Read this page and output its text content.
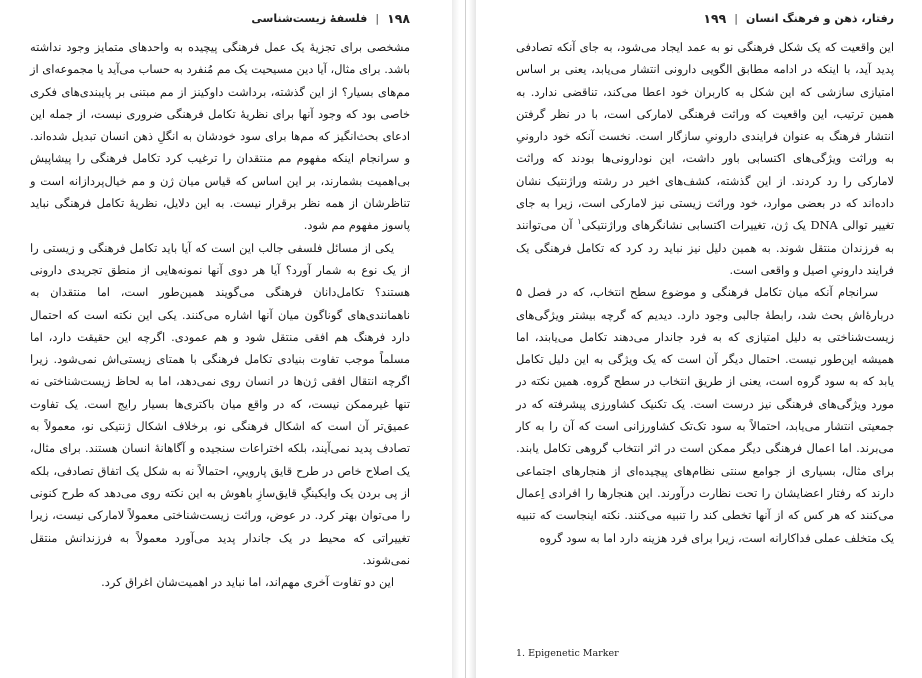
۱۹۸
|
فلسفهٔ زیست‌شناسی

مشخصی برای تجزیهٔ یک عمل فرهنگی پیچیده به واحدهای متمایز وجود نداشته باشد. برای مثال، آیا دین مسیحیت یک مم مُنفرد به حساب می‌آید یا مجموعه‌ای از مم‌های بسیار؟ از این گذشته، برداشت داوکینز از مم مبتنی بر پایبندی‌های فکری خاصی بود که وجود آنها برای نظریهٔ تکامل فرهنگی ضروری نیست، از جمله این ادعای بحث‌انگیز که مم‌ها برای سود خودشان به انگلِ ذهن انسان تبدیل شده‌اند. و سرانجام اینکه مفهوم مم منتقدان را ترغیب کرد تکامل فرهنگی را پیشاپیش بی‌اهمیت بشمارند، بر این اساس که قیاس میان ژن و مم خیال‌پردازانه است و تناظرشان از همه نظر برقرار نیست. به این دلایل، نظریهٔ تکامل فرهنگی نباید پاسوز مفهوم مم شود.

یکی از مسائل فلسفی جالب این است که آیا باید تکامل فرهنگی و زیستی را از یک نوع به شمار آورد؟ آیا هر دوی آنها نمونه‌هایی از منطق تجریدی دارونی هستند؟ تکامل‌دانان فرهنگی می‌گویند همین‌طور است، اما منتقدان به ناهمانندی‌های گوناگون میان آنها اشاره می‌کنند. یکی این نکته است که احتمال دارد فرهنگ هم افقی منتقل شود و هم عمودی. اگرچه این حقیقت دارد، اما مسلماً موجب تفاوت بنیادی تکامل فرهنگی با همتای زیستی‌اش نمی‌شود. زیرا اگرچه انتقال افقی ژن‌ها در انسان روی نمی‌دهد، اما به لحاظ زیست‌شناختی نه تنها غیرممکن نیست، که در واقع میان باکتری‌ها بسیار رایج است. یک تفاوت عمیق‌تر آن است که اشکال فرهنگی نو، برخلاف اشکال ژنتیکی نو، معمولاً به تصادف پدید نمی‌آیند، بلکه اختراعات سنجیده و آگاهانهٔ انسان هستند. برای مثال، یک اصلاح خاص در طرح قایق پاروییِ، احتمالاً نه به شکل یک اتفاق تصادفی، بلکه از پی بردن یک وایکینگِ قایق‌سازِ باهوش به این نکته روی می‌دهد که طرح کنونی را می‌توان بهتر کرد. در عوض، وراثت زیست‌شناختی معمولاً لامارکی نیست، زیرا تغییراتی که محیط در یک جاندار پدید می‌آورد معمولاً به فرزندانش منتقل نمی‌شوند.

این دو تفاوت آخری مهم‌اند، اما نباید در اهمیت‌شان اغراق کرد.

رفتار، ذهن و فرهنگ انسان
|
۱۹۹

این واقعیت که یک شکل فرهنگی نو به عمد ایجاد می‌شود، به جای آنکه تصادفی پدید آید، با اینکه در ادامه مطابق الگویی دارونی انتشار می‌یابد، یعنی بر اساس امتیازی سازشی که این شکل به کاربران خود اعطا می‌کند، تناقضی ندارد. به همین ترتیب، این واقعیت که وراثت فرهنگی لامارکی است، با در نظر گرفتن انتشار فرهنگ به عنوان فرایندی دارونیِ سازگار است. نخست آنکه خود دارونیِ به وراثت ویژگی‌های اکتسابی باور داشت، این نودارونی‌ها بودند که وراثت لامارکی را رد کردند. از این گذشته، کشف‌های اخیر در رشته وراژنتیک نشان داده‌اند که در بعضی موارد، خود وراثت زیستی نیز لامارکی است، زیرا به جای تغییر توالی DNA یک ژن، تغییرات اکتسابی نشانگرهای وراژنتیکی$^۱$ آن می‌توانند به فرزندان منتقل شوند. به همین دلیل نیز نباید رد کرد که تکامل فرهنگی یک فرایند دارونیِ اصیل و واقعی است.

سرانجام آنکه میان تکامل فرهنگی و موضوع سطح انتخاب، که در فصل ۵ دربارهٔ‌اش بحث شد، رابطهٔ جالبی وجود دارد. دیدیم که گرچه بیشتر ویژگی‌های زیست‌شناختی به دلیل امتیازی که به فرد جاندار می‌دهند تکامل می‌یابند، اما همیشه این‌طور نیست. احتمال دیگر آن است که یک ویژگی به این دلیل تکامل یابد که به سود گروه است، یعنی از طریق انتخاب در سطح گروه. همین نکته در مورد ویژگی‌های فرهنگی نیز درست است. یک تکنیک کشاورزی پیشرفته که در جمعیتی انتشار می‌یابد، احتمالاً به سود تک‌تک کشاورزانی است که آن را به کار می‌برند. اما اعمال فرهنگی دیگر ممکن است در اثر انتخاب گروهی تکامل یابند. برای مثال، بسیاری از جوامع سنتی نظام‌های پیچیده‌ای از هنجارهای اجتماعی دارند که رفتار اعضایشان را تحت نظارت درآورند. این هنجارها را افرادی اِعمال می‌کنند که هر کس که از آنها تخطی کند را تنبیه می‌کنند. نکته اینجاست که تنبیه یک متخلف عملی فداکارانه است، زیرا برای فرد هزینه دارد اما به سود گروه

1. Epigenetic Marker
